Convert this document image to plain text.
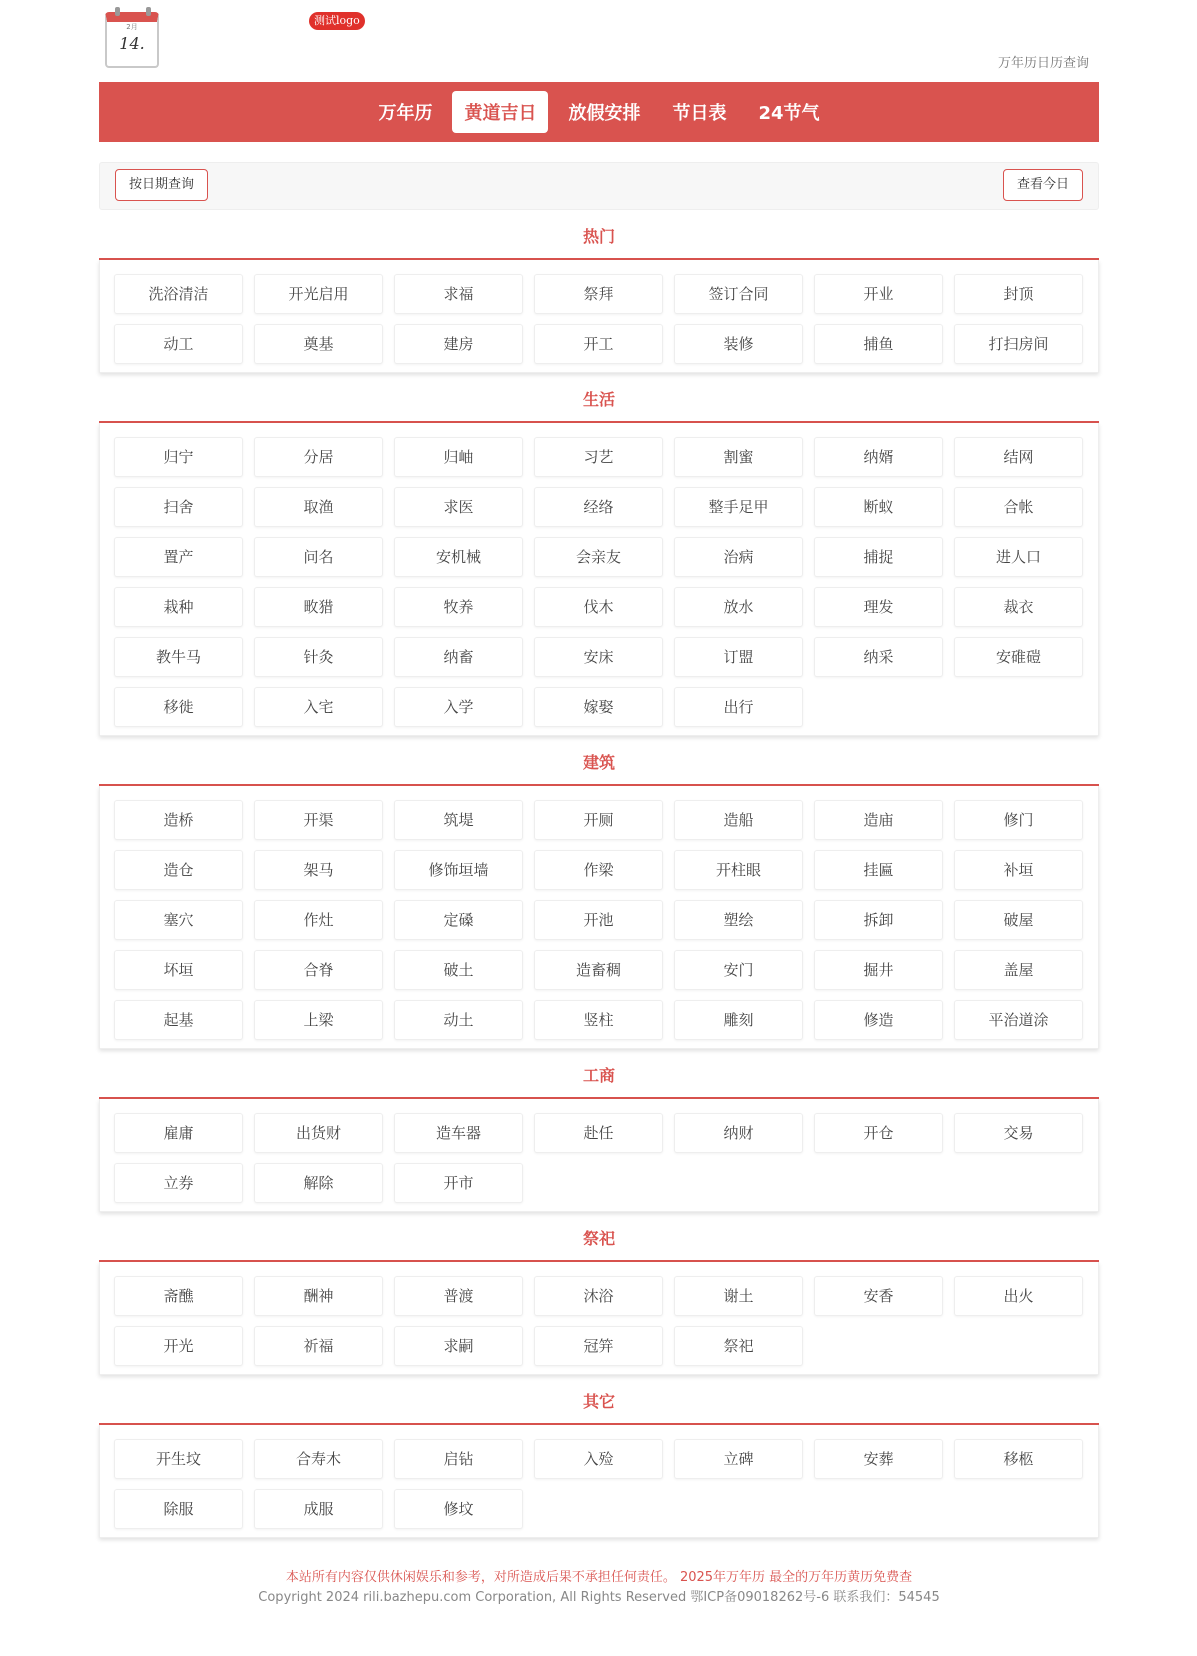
2月
14.
测试logo
万年历日历查询
万年历	黄道吉日	放假安排	节日表	24节气
按日期查询	查看今日
热门
洗浴清洁	开光启用	求福	祭拜	签订合同	开业	封顶
动工	奠基	建房	开工	装修	捕鱼	打扫房间
生活
归宁	分居	归岫	习艺	割蜜	纳婿	结网
扫舍	取渔	求医	经络	整手足甲	断蚁	合帐
置产	问名	安机械	会亲友	治病	捕捉	进人口
栽种	畋猎	牧养	伐木	放水	理发	裁衣
教牛马	针灸	纳畜	安床	订盟	纳采	安碓磑
移徙	入宅	入学	嫁娶	出行
建筑
造桥	开渠	筑堤	开厕	造船	造庙	修门
造仓	架马	修饰垣墙	作梁	开柱眼	挂匾	补垣
塞穴	作灶	定磉	开池	塑绘	拆卸	破屋
坏垣	合脊	破土	造畜稠	安门	掘井	盖屋
起基	上梁	动土	竖柱	雕刻	修造	平治道涂
工商
雇庸	出货财	造车器	赴任	纳财	开仓	交易
立券	解除	开市
祭祀
斋醮	酬神	普渡	沐浴	谢土	安香	出火
开光	祈福	求嗣	冠笄	祭祀
其它
开生坟	合寿木	启钻	入殓	立碑	安葬	移柩
除服	成服	修坟
本站所有内容仅供休闲娱乐和参考，对所造成后果不承担任何责任。 2025年万年历 最全的万年历黄历免费查
Copyright 2024 rili.bazhepu.com Corporation, All Rights Reserved 鄂ICP备09018262号-6 联系我们：54545
